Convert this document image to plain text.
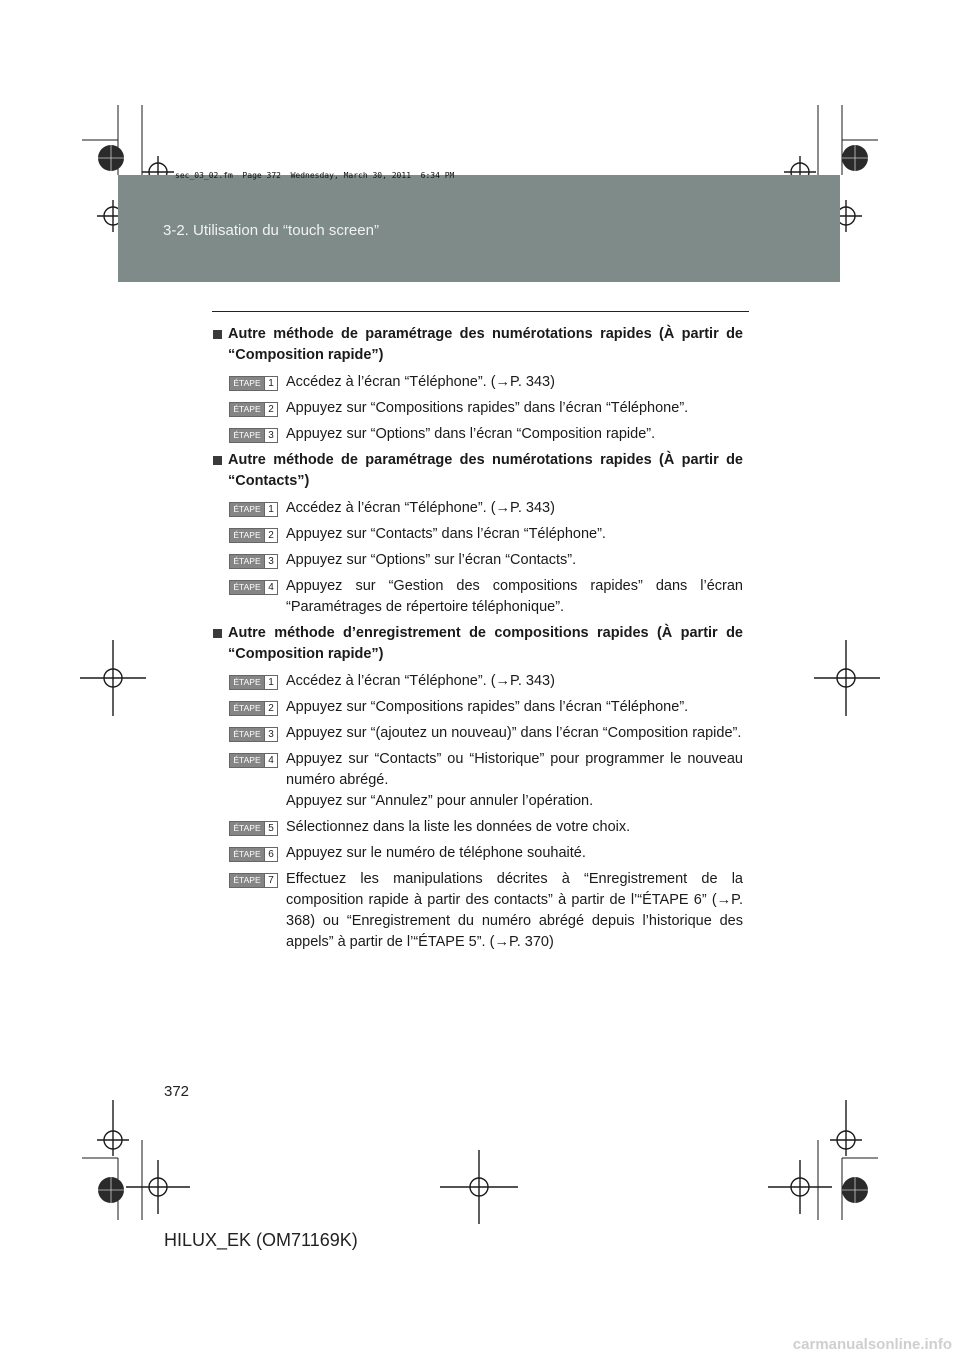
3-2. Utilisation du “touch screen”
sec_03_02.fm  Page 372  Wednesday, March 30, 2011  6:34 PM
Autre méthode de paramétrage des numérotations rapides (À partir de “Composition rapide”)
ÉTAPE 1 Accédez à l’écran “Téléphone”. (→P. 343)
ÉTAPE 2 Appuyez sur “Compositions rapides” dans l’écran “Téléphone”.
ÉTAPE 3 Appuyez sur “Options” dans l’écran “Composition rapide”.
Autre méthode de paramétrage des numérotations rapides (À partir de “Contacts”)
ÉTAPE 1 Accédez à l’écran “Téléphone”. (→P. 343)
ÉTAPE 2 Appuyez sur “Contacts” dans l’écran “Téléphone”.
ÉTAPE 3 Appuyez sur “Options” sur l’écran “Contacts”.
ÉTAPE 4 Appuyez sur “Gestion des compositions rapides” dans l’écran “Paramétrages de répertoire téléphonique”.
Autre méthode d’enregistrement de compositions rapides (À partir de “Composition rapide”)
ÉTAPE 1 Accédez à l’écran “Téléphone”. (→P. 343)
ÉTAPE 2 Appuyez sur “Compositions rapides” dans l’écran “Téléphone”.
ÉTAPE 3 Appuyez sur “(ajoutez un nouveau)” dans l’écran “Composition rapide”.
ÉTAPE 4 Appuyez sur “Contacts” ou “Historique” pour programmer le nouveau numéro abrégé.
Appuyez sur “Annulez” pour annuler l’opération.
ÉTAPE 5 Sélectionnez dans la liste les données de votre choix.
ÉTAPE 6 Appuyez sur le numéro de téléphone souhaité.
ÉTAPE 7 Effectuez les manipulations décrites à “Enregistrement de la composition rapide à partir des contacts” à partir de l’“ÉTAPE 6” (→P. 368) ou “Enregistrement du numéro abrégé depuis l’historique des appels” à partir de l’“ÉTAPE 5”. (→P. 370)
372
HILUX_EK (OM71169K)
carmanualsonline.info
